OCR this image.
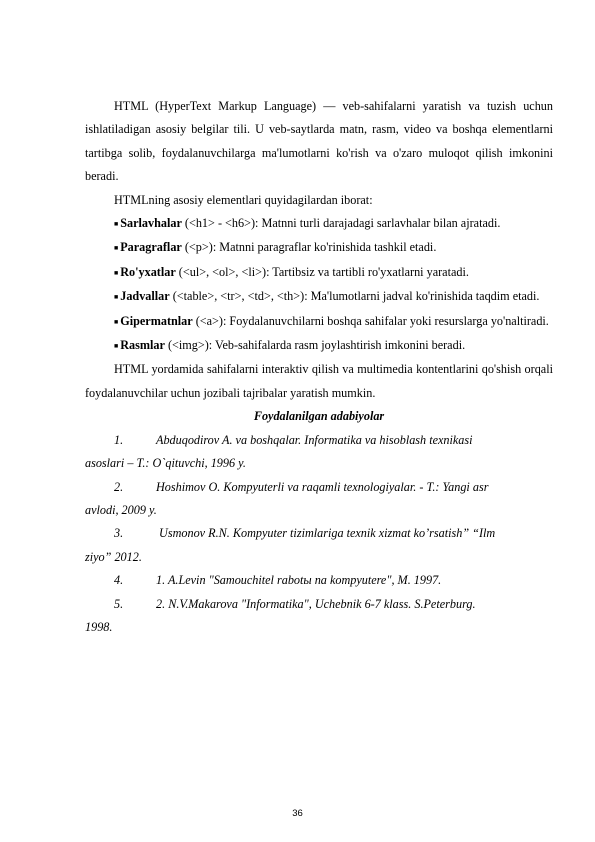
HTML (HyperText Markup Language) — veb-sahifalarni yaratish va tuzish uchun ishlatiladigan asosiy belgilar tili. U veb-saytlarda matn, rasm, video va boshqa elementlarni tartibga solib, foydalanuvchilarga ma'lumotlarni ko'rish va o'zaro muloqot qilish imkonini beradi.

HTMLning asosiy elementlari quyidagilardan iborat:

■ Sarlavhalar (<h1> - <h6>): Matnni turli darajadagi sarlavhalar bilan ajratadi.

■ Paragraflar (<p>): Matnni paragraflar ko'rinishida tashkil etadi.

■ Ro'yxatlar (<ul>, <ol>, <li>): Tartibsiz va tartibli ro'yxatlarni yaratadi.

■ Jadvallar (<table>, <tr>, <td>, <th>): Ma'lumotlarni jadval ko'rinishida taqdim etadi.

■ Gipermatnlar (<a>): Foydalanuvchilarni boshqa sahifalar yoki resurslarga yo'naltiradi.

■ Rasmlar (<img>): Veb-sahifalarda rasm joylashtirish imkonini beradi.

HTML yordamida sahifalarni interaktiv qilish va multimedia kontentlarini qo'shish orqali foydalanuvchilar uchun jozibali tajribalar yaratish mumkin.

Foydalanilgan adabiyolar

1.	Abduqodirov A. va boshqalar. Informatika va hisoblash texnikasi

asoslari – T.: O`qituvchi, 1996 y.

2.	Hoshimov O. Kompyuterli va raqamli texnologiyalar. - T.: Yangi asr

avlodi, 2009 y.

3.	Usmonov R.N. Kompyuter tizimlariga texnik xizmat ko’rsatish” “Ilm

ziyo” 2012.

4.	1. A.Levin "Samouchitel rabotы na kompyutere", M. 1997.

5.	2. N.V.Makarova "Informatika", Uchebnik 6-7 klass. S.Peterburg.

1998.

36
